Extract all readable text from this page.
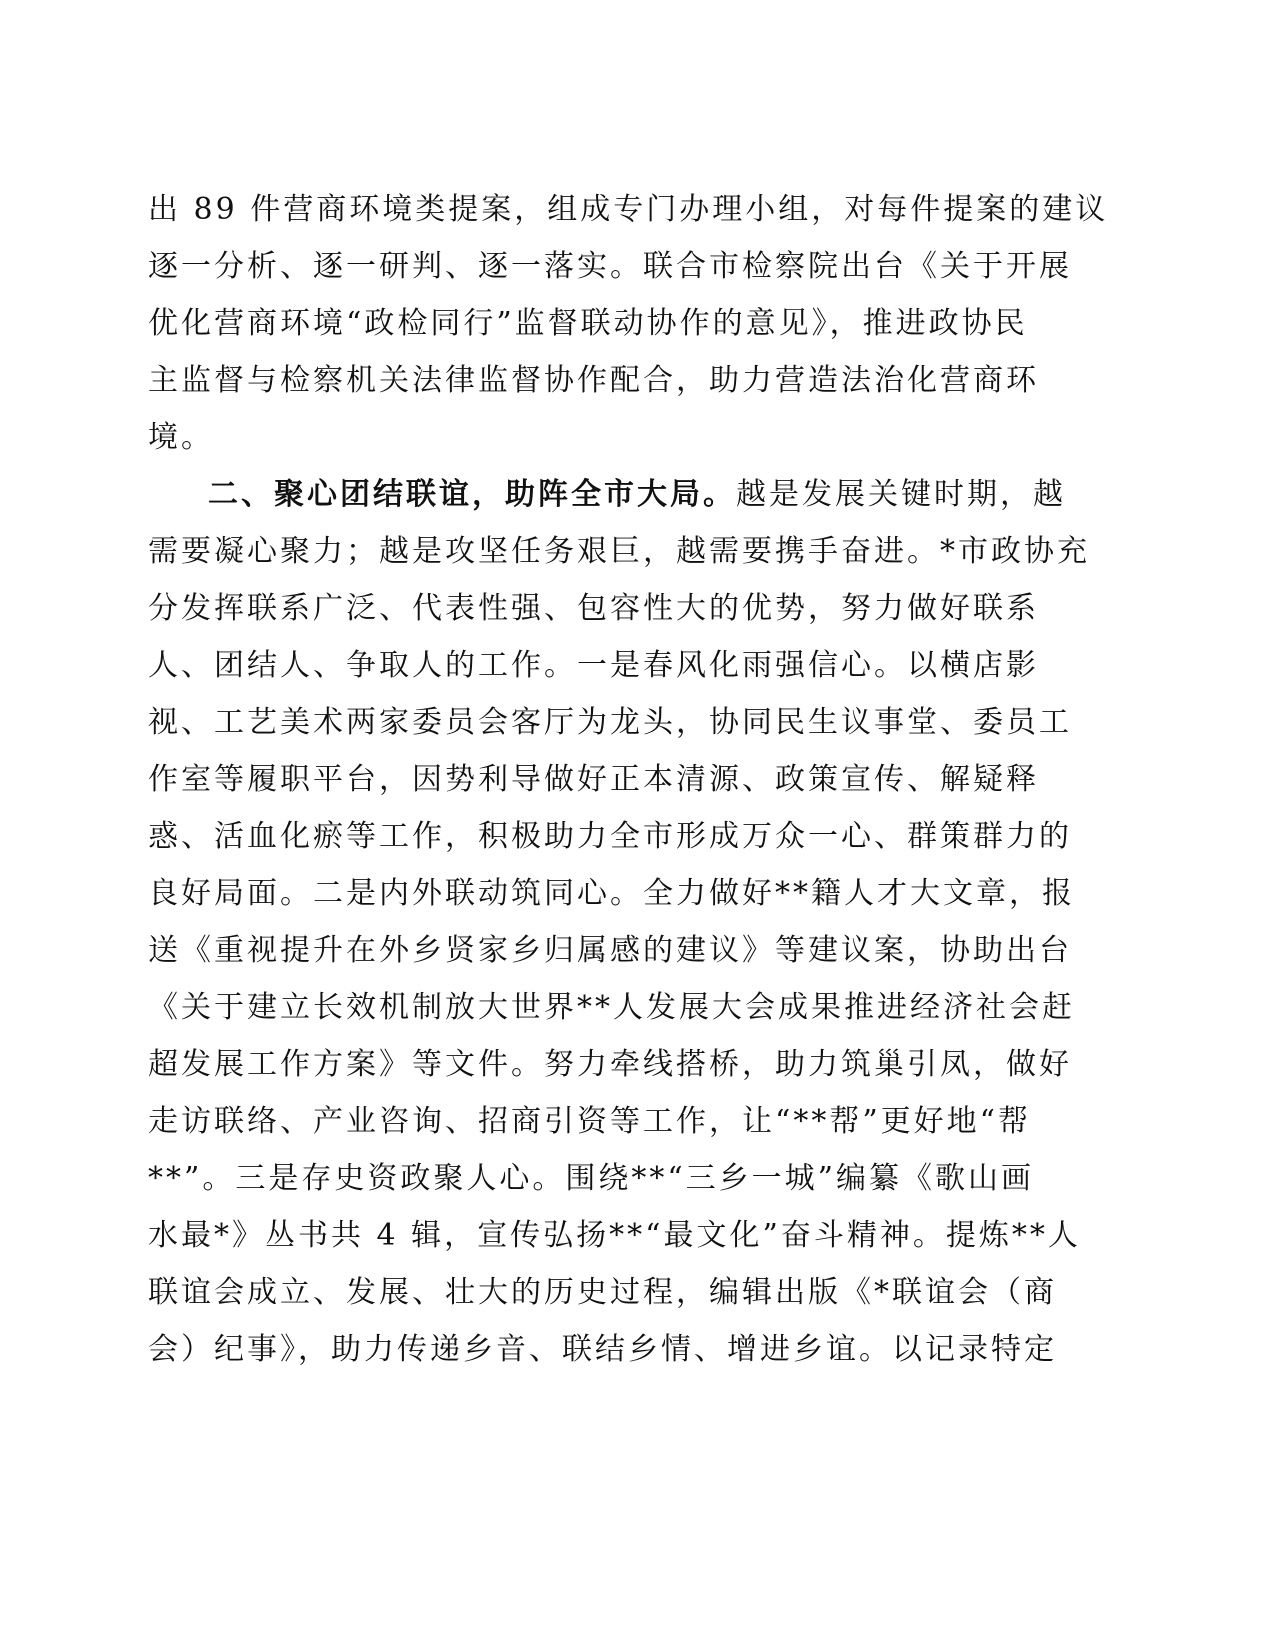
出 89 件营商环境类提案，组成专门办理小组，对每件提案的建议
逐一分析、逐一研判、逐一落实。联合市检察院出台《关于开展
优化营商环境“政检同行”监督联动协作的意见》，推进政协民
主监督与检察机关法律监督协作配合，助力营造法治化营商环
境。
二、聚心团结联谊，助阵全市大局。越是发展关键时期，越
需要凝心聚力；越是攻坚任务艰巨，越需要携手奋进。*市政协充
分发挥联系广泛、代表性强、包容性大的优势，努力做好联系
人、团结人、争取人的工作。一是春风化雨强信心。以横店影
视、工艺美术两家委员会客厅为龙头，协同民生议事堂、委员工
作室等履职平台，因势利导做好正本清源、政策宣传、解疑释
惑、活血化瘀等工作，积极助力全市形成万众一心、群策群力的
良好局面。二是内外联动筑同心。全力做好**籍人才大文章，报
送《重视提升在外乡贤家乡归属感的建议》等建议案，协助出台
《关于建立长效机制放大世界**人发展大会成果推进经济社会赶
超发展工作方案》等文件。努力牵线搭桥，助力筑巢引凤，做好
走访联络、产业咨询、招商引资等工作，让“**帮”更好地“帮
**”。三是存史资政聚人心。围绕**“三乡一城”编纂《歌山画
水最*》丛书共 4 辑，宣传弘扬**“最文化”奋斗精神。提炼**人
联谊会成立、发展、壮大的历史过程，编辑出版《*联谊会（商
会）纪事》，助力传递乡音、联结乡情、增进乡谊。以记录特定
